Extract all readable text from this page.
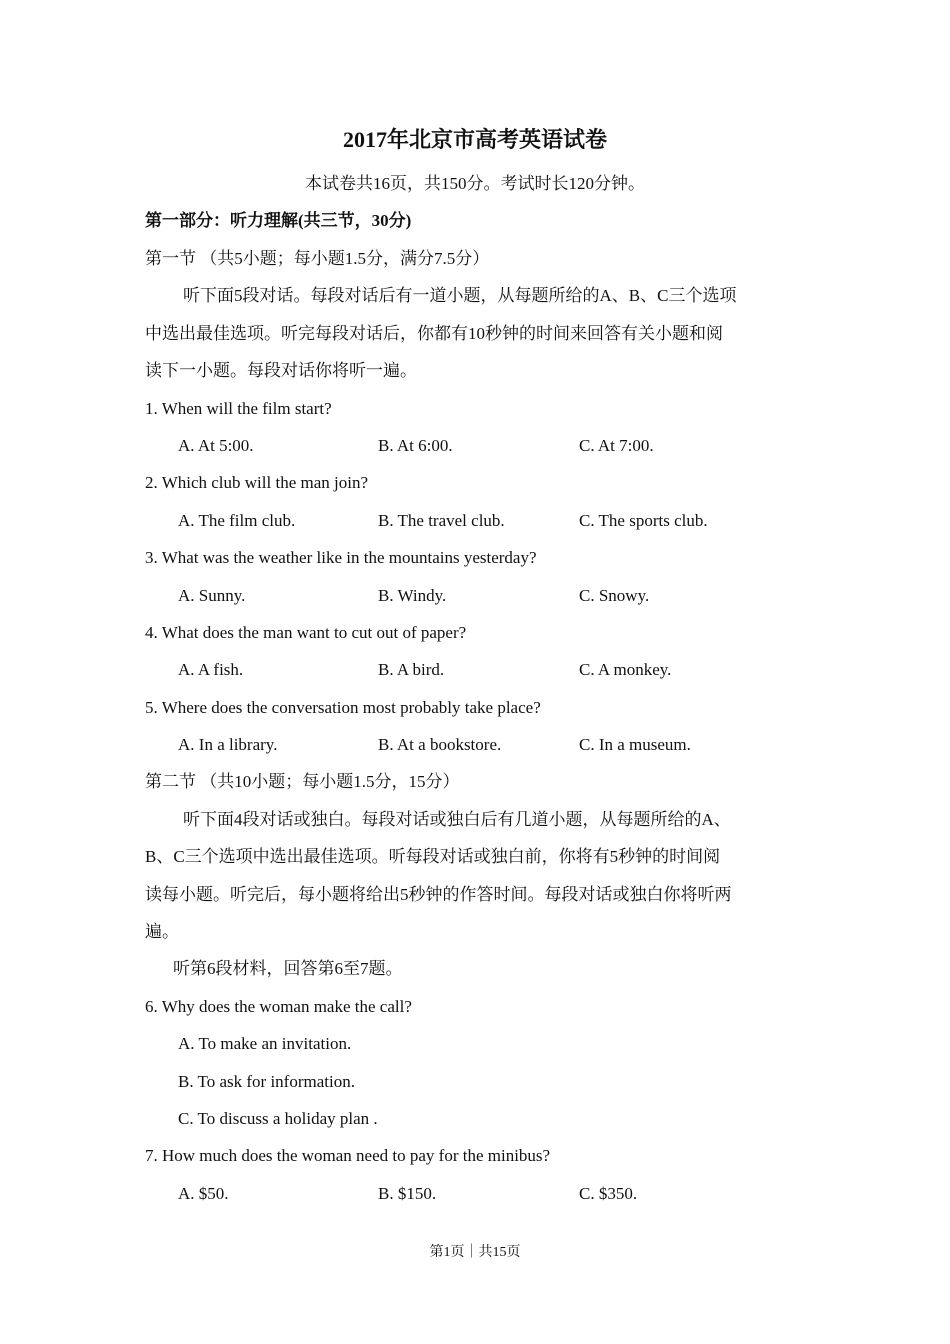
2017年北京市高考英语试卷
本试卷共16页，共150分。考试时长120分钟。
第一部分：听力理解(共三节，30分)
第一节 （共5小题；每小题1.5分，满分7.5分）
听下面5段对话。每段对话后有一道小题，从每题所给的A、B、C三个选项
中选出最佳选项。听完每段对话后，你都有10秒钟的时间来回答有关小题和阅
读下一小题。每段对话你将听一遍。
1. When will the film start?
A. At 5:00.	B. At 6:00.	C. At 7:00.
2. Which club will the man join?
A. The film club.	B. The travel club.	C. The sports club.
3. What was the weather like in the mountains yesterday?
A. Sunny.	B. Windy.	C. Snowy.
4. What does the man want to cut out of paper?
A. A fish.	B. A bird.	C. A monkey.
5. Where does the conversation most probably take place?
A. In a library.	B. At a bookstore.	C. In a museum.
第二节 （共10小题；每小题1.5分，15分）
听下面4段对话或独白。每段对话或独白后有几道小题，从每题所给的A、
B、C三个选项中选出最佳选项。听每段对话或独白前，你将有5秒钟的时间阅
读每小题。听完后，每小题将给出5秒钟的作答时间。每段对话或独白你将听两
遍。
听第6段材料，回答第6至7题。
6. Why does the woman make the call?
A. To make an invitation.
B. To ask for information.
C. To discuss a holiday plan .
7. How much does the woman need to pay for the minibus?
A. $50.	B. $150.	C. $350.
第1页｜共15页
